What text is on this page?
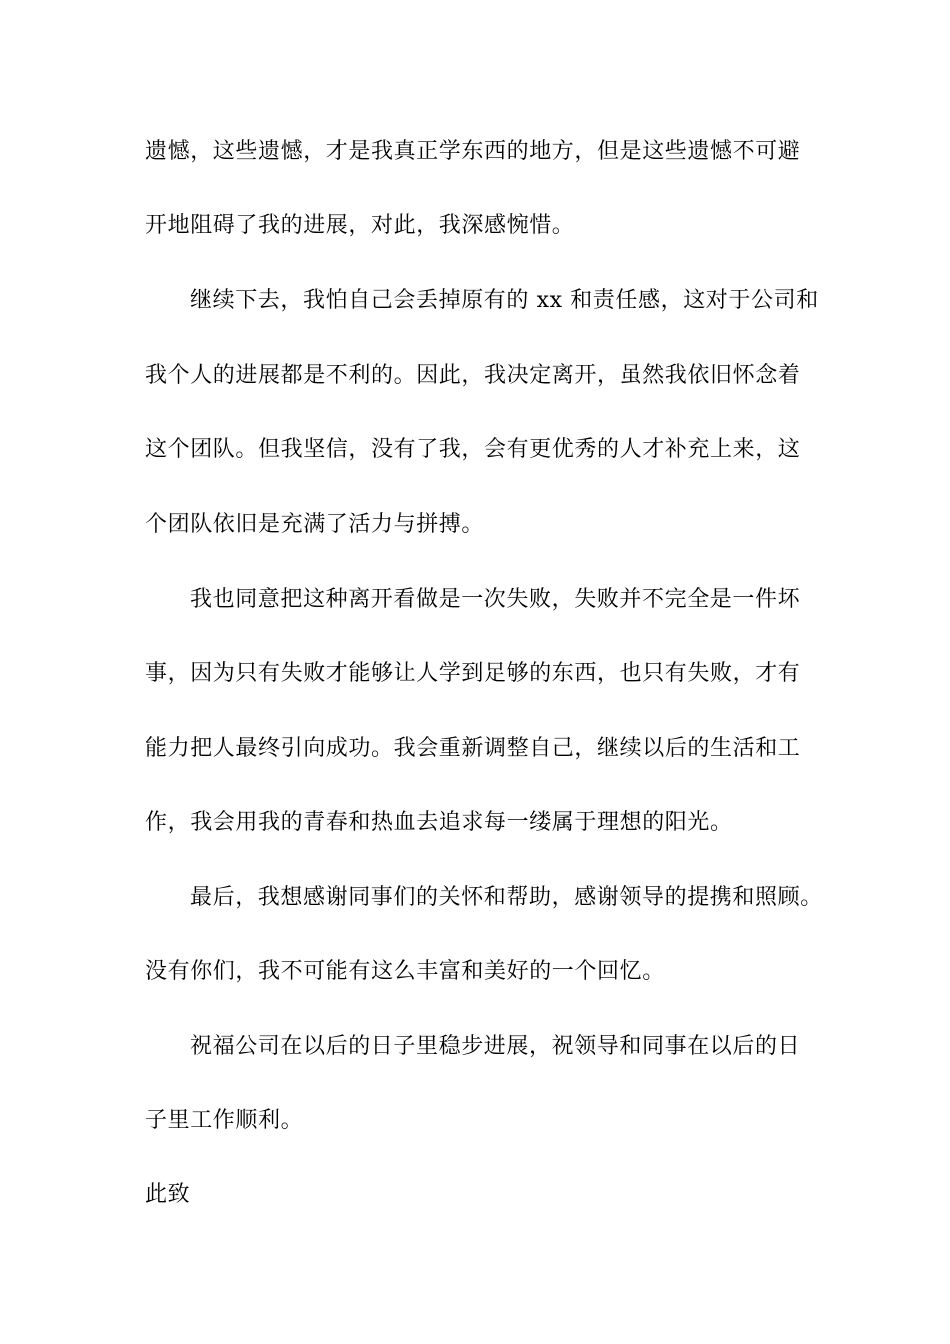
遗憾，这些遗憾，才是我真正学东西的地方，但是这些遗憾不可避
开地阻碍了我的进展，对此，我深感惋惜。
继续下去，我怕自己会丢掉原有的 xx 和责任感，这对于公司和
我个人的进展都是不利的。因此，我决定离开，虽然我依旧怀念着
这个团队。但我坚信，没有了我，会有更优秀的人才补充上来，这
个团队依旧是充满了活力与拼搏。
我也同意把这种离开看做是一次失败，失败并不完全是一件坏
事，因为只有失败才能够让人学到足够的东西，也只有失败，才有
能力把人最终引向成功。我会重新调整自己，继续以后的生活和工
作，我会用我的青春和热血去追求每一缕属于理想的阳光。
最后，我想感谢同事们的关怀和帮助，感谢领导的提携和照顾。
没有你们，我不可能有这么丰富和美好的一个回忆。
祝福公司在以后的日子里稳步进展，祝领导和同事在以后的日
子里工作顺利。
此致
